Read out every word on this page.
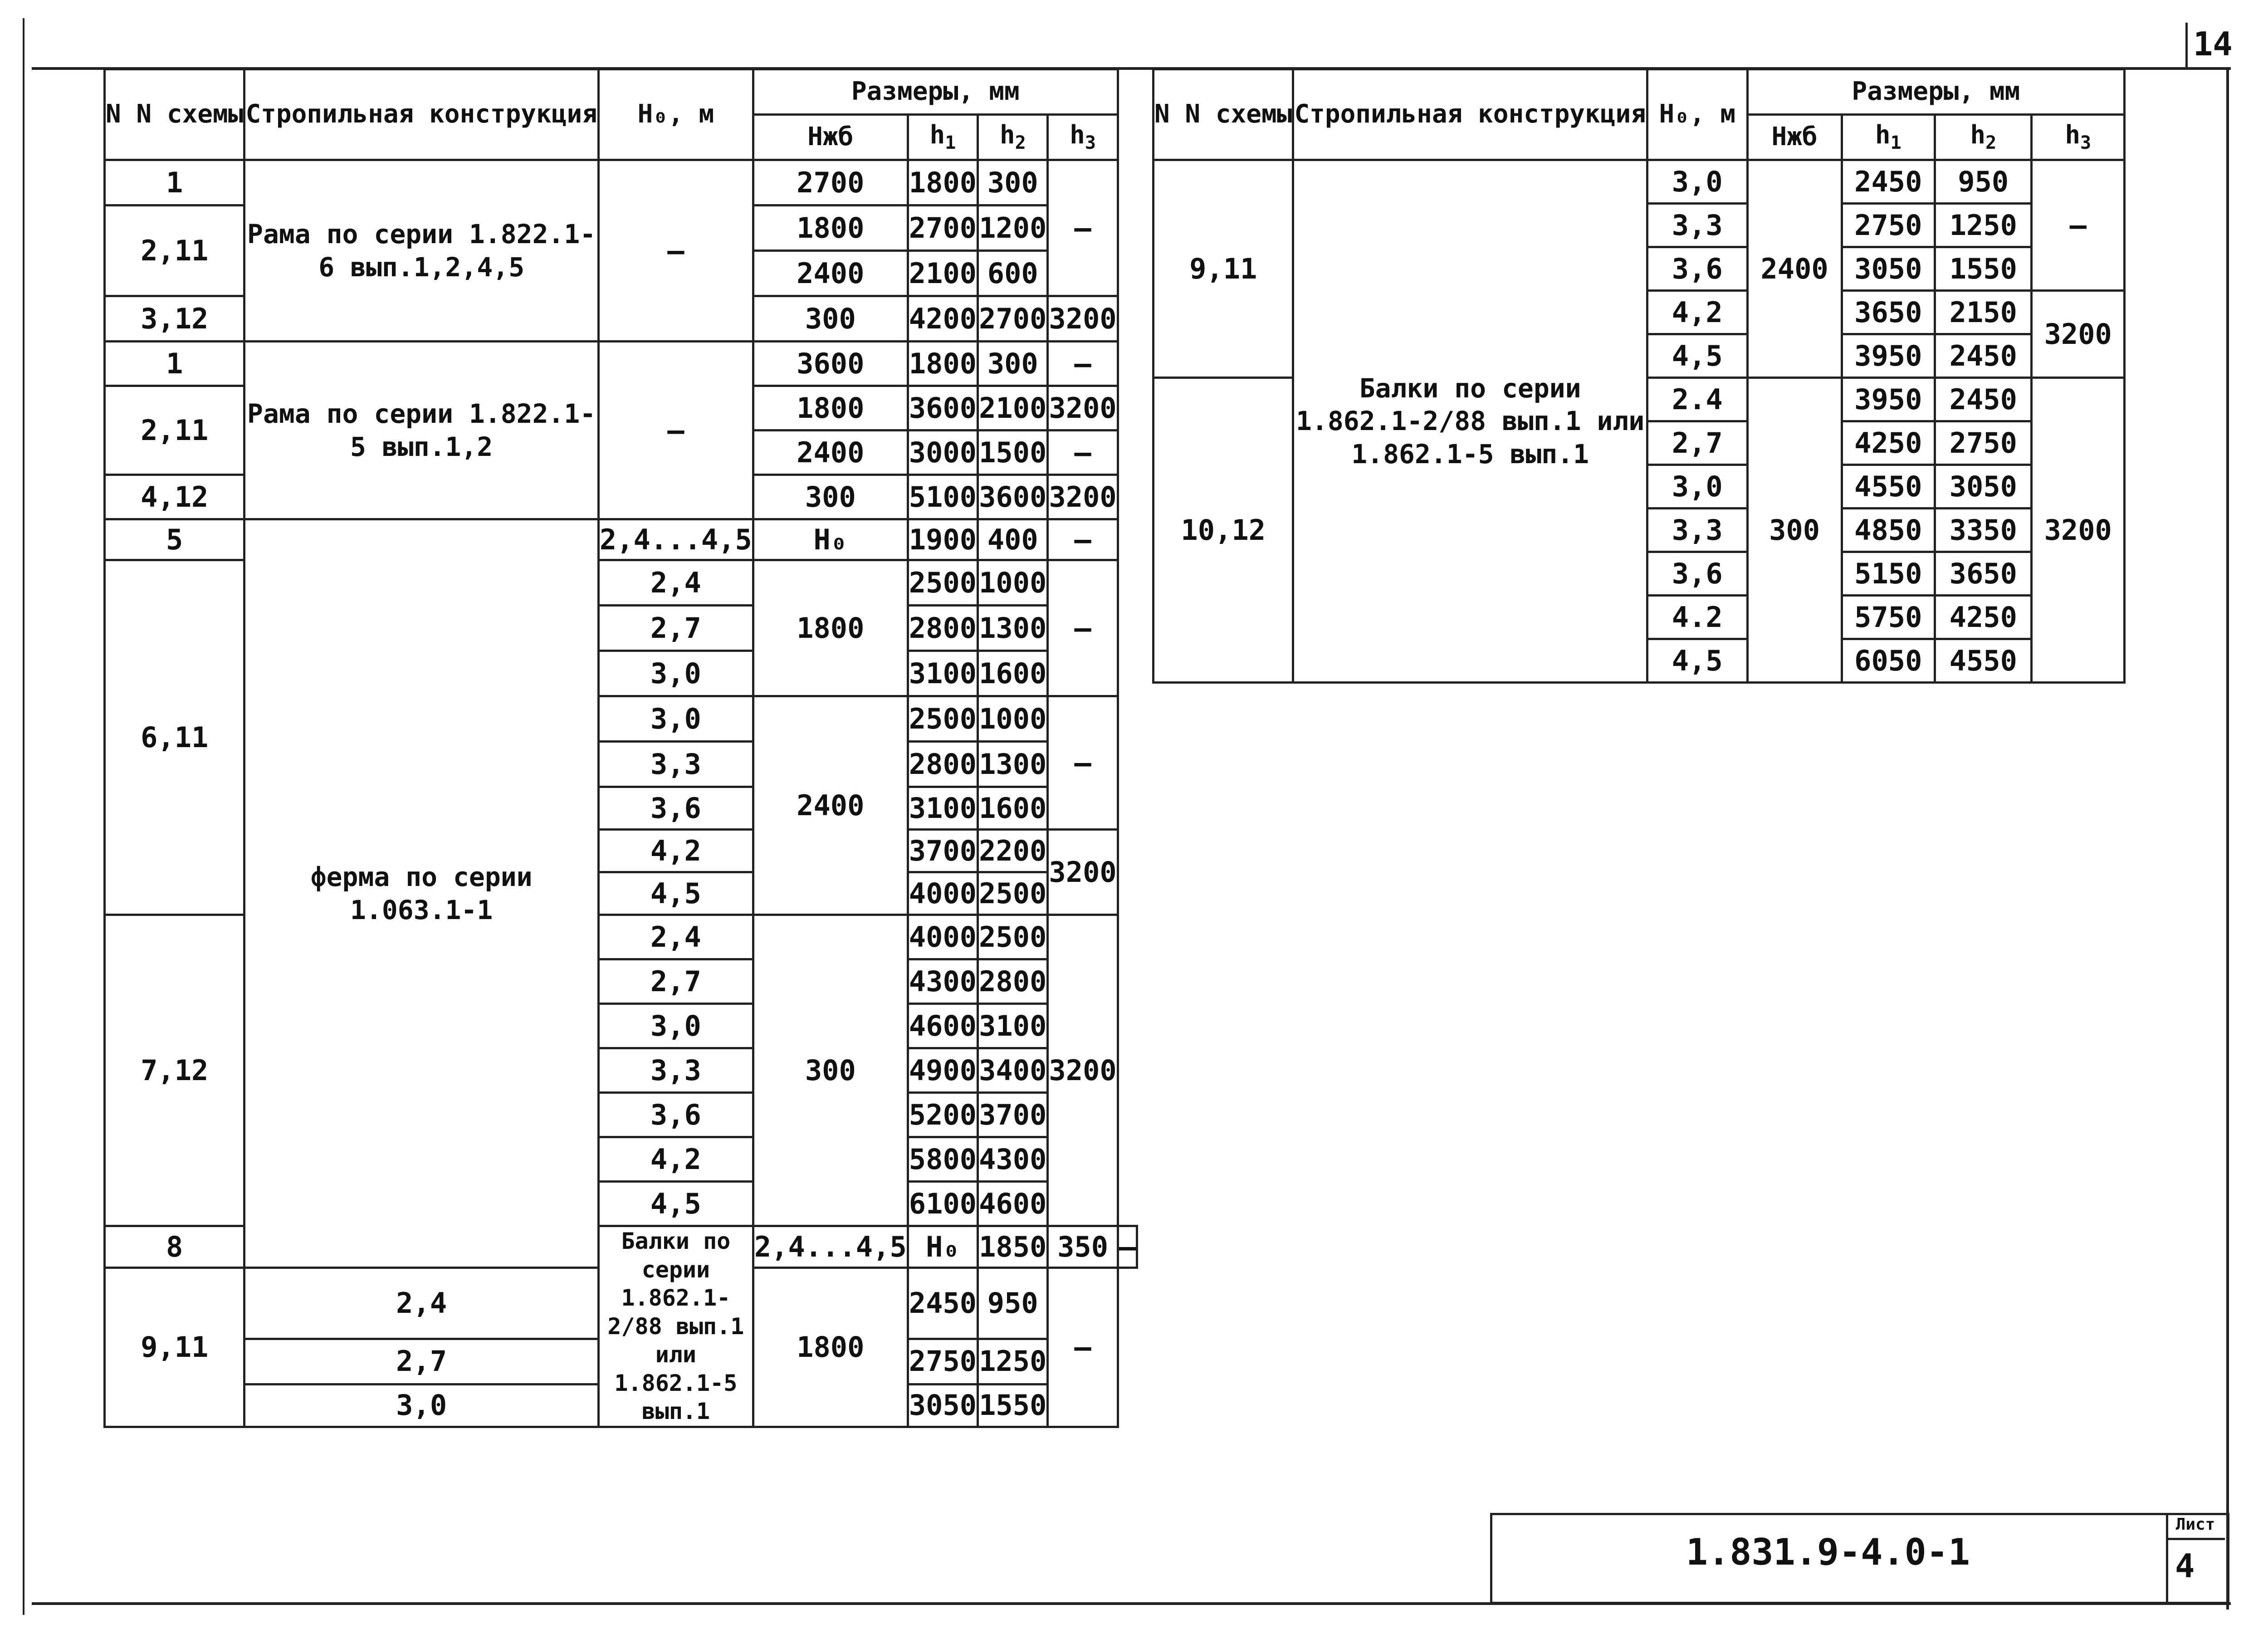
14
N N схемы	Стропильная конструкция	Н₀, м	Размеры, мм				
			Нжб	$h_1$	$h_2$	$h_3$
1	Рама по серии 1.822.1-6 вып.1,2,4,5	—	2700	1800	300	—	
2,11			1800	2700	1200		
			2400	2100	600		
3,12			300	4200	2700	3200	
1	Рама по серии 1.822.1-5 вып.1,2	—	3600	1800	300	—	
2,11			1800	3600	2100	3200	
			2400	3000	1500	—	
4,12			300	5100	3600	3200	
5	ферма по серии 1.063.1-1	2,4...4,5	Н₀	1900	400	—	
6,11		2,4	1800	2500	1000	—	
		2,7		2800	1300		
		3,0		3100	1600		
		3,0	2400	2500	1000	—	
		3,3		2800	1300		
		3,6		3100	1600		
		4,2		3700	2200	3200	
		4,5		4000	2500		
7,12		2,4	300	4000	2500	3200	
		2,7		4300	2800		
		3,0		4600	3100		
		3,3		4900	3400		
		3,6		5200	3700		
		4,2		5800	4300		
		4,5		6100	4600		
8		Балки по серии 1.862.1-2/88 вып.1 или 1.862.1-5 вып.1	2,4...4,5	Н₀	1850	350	—
9,11	2,4		1800	2450	950	—	
	2,7			2750	1250		
	3,0			3050	1550		
N N схемы	Стропильная конструкция	Н₀, м	Размеры, мм			
			Нжб	$h_1$	$h_2$	$h_3$
9,11	Балки по серии 1.862.1-2/88 вып.1 или 1.862.1-5 вып.1	3,0	2400	2450	950	—
		3,3		2750	1250	
		3,6		3050	1550	
		4,2		3650	2150	3200
		4,5		3950	2450	
10,12		2.4	300	3950	2450	3200
		2,7		4250	2750	
		3,0		4550	3050	
		3,3		4850	3350	
		3,6		5150	3650	
		4.2		5750	4250	
		4,5		6050	4550	
1.831.9-4.0-1
Лист
4
